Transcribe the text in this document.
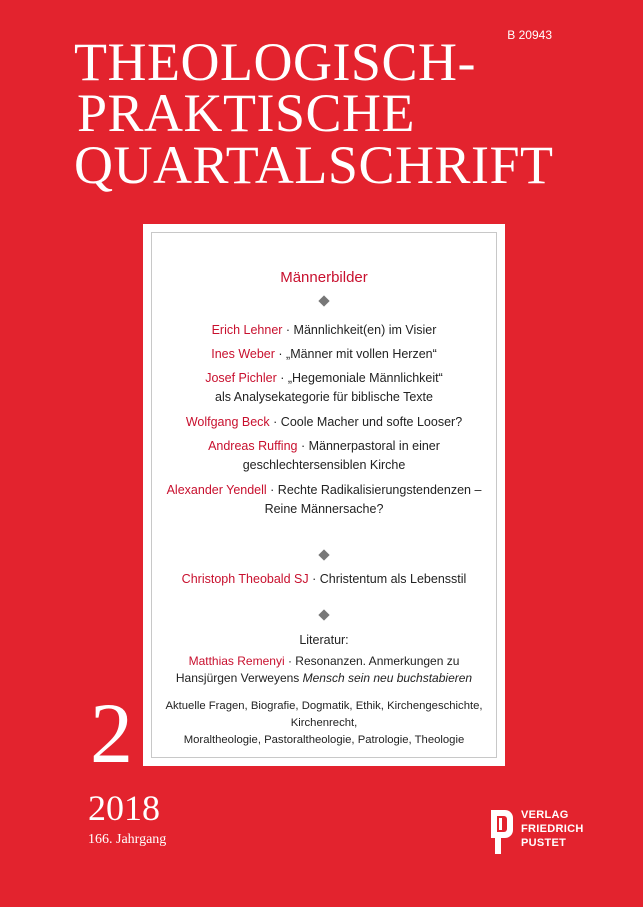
B 20943
THEOLOGISCH-
PRAKTISCHE
QUARTALSCHRIFT
Männerbilder
Erich Lehner · Männlichkeit(en) im Visier
Ines Weber · „Männer mit vollen Herzen“
Josef Pichler · „Hegemoniale Männlichkeit“
als Analysekategorie für biblische Texte
Wolfgang Beck · Coole Macher und softe Looser?
Andreas Ruffing · Männerpastoral in einer
geschlechtersensiblen Kirche
Alexander Yendell · Rechte Radikalisierungstendenzen –
Reine Männersache?
Christoph Theobald SJ · Christentum als Lebensstil
Literatur:
Matthias Remenyi · Resonanzen. Anmerkungen zu
Hansjürgen Verweyens Mensch sein neu buchstabieren
Aktuelle Fragen, Biografie, Dogmatik, Ethik, Kirchengeschichte, Kirchenrecht,
Moraltheologie, Pastoraltheologie, Patrologie, Theologie
2
2018
166. Jahrgang
VERLAG
FRIEDRICH
PUSTET
